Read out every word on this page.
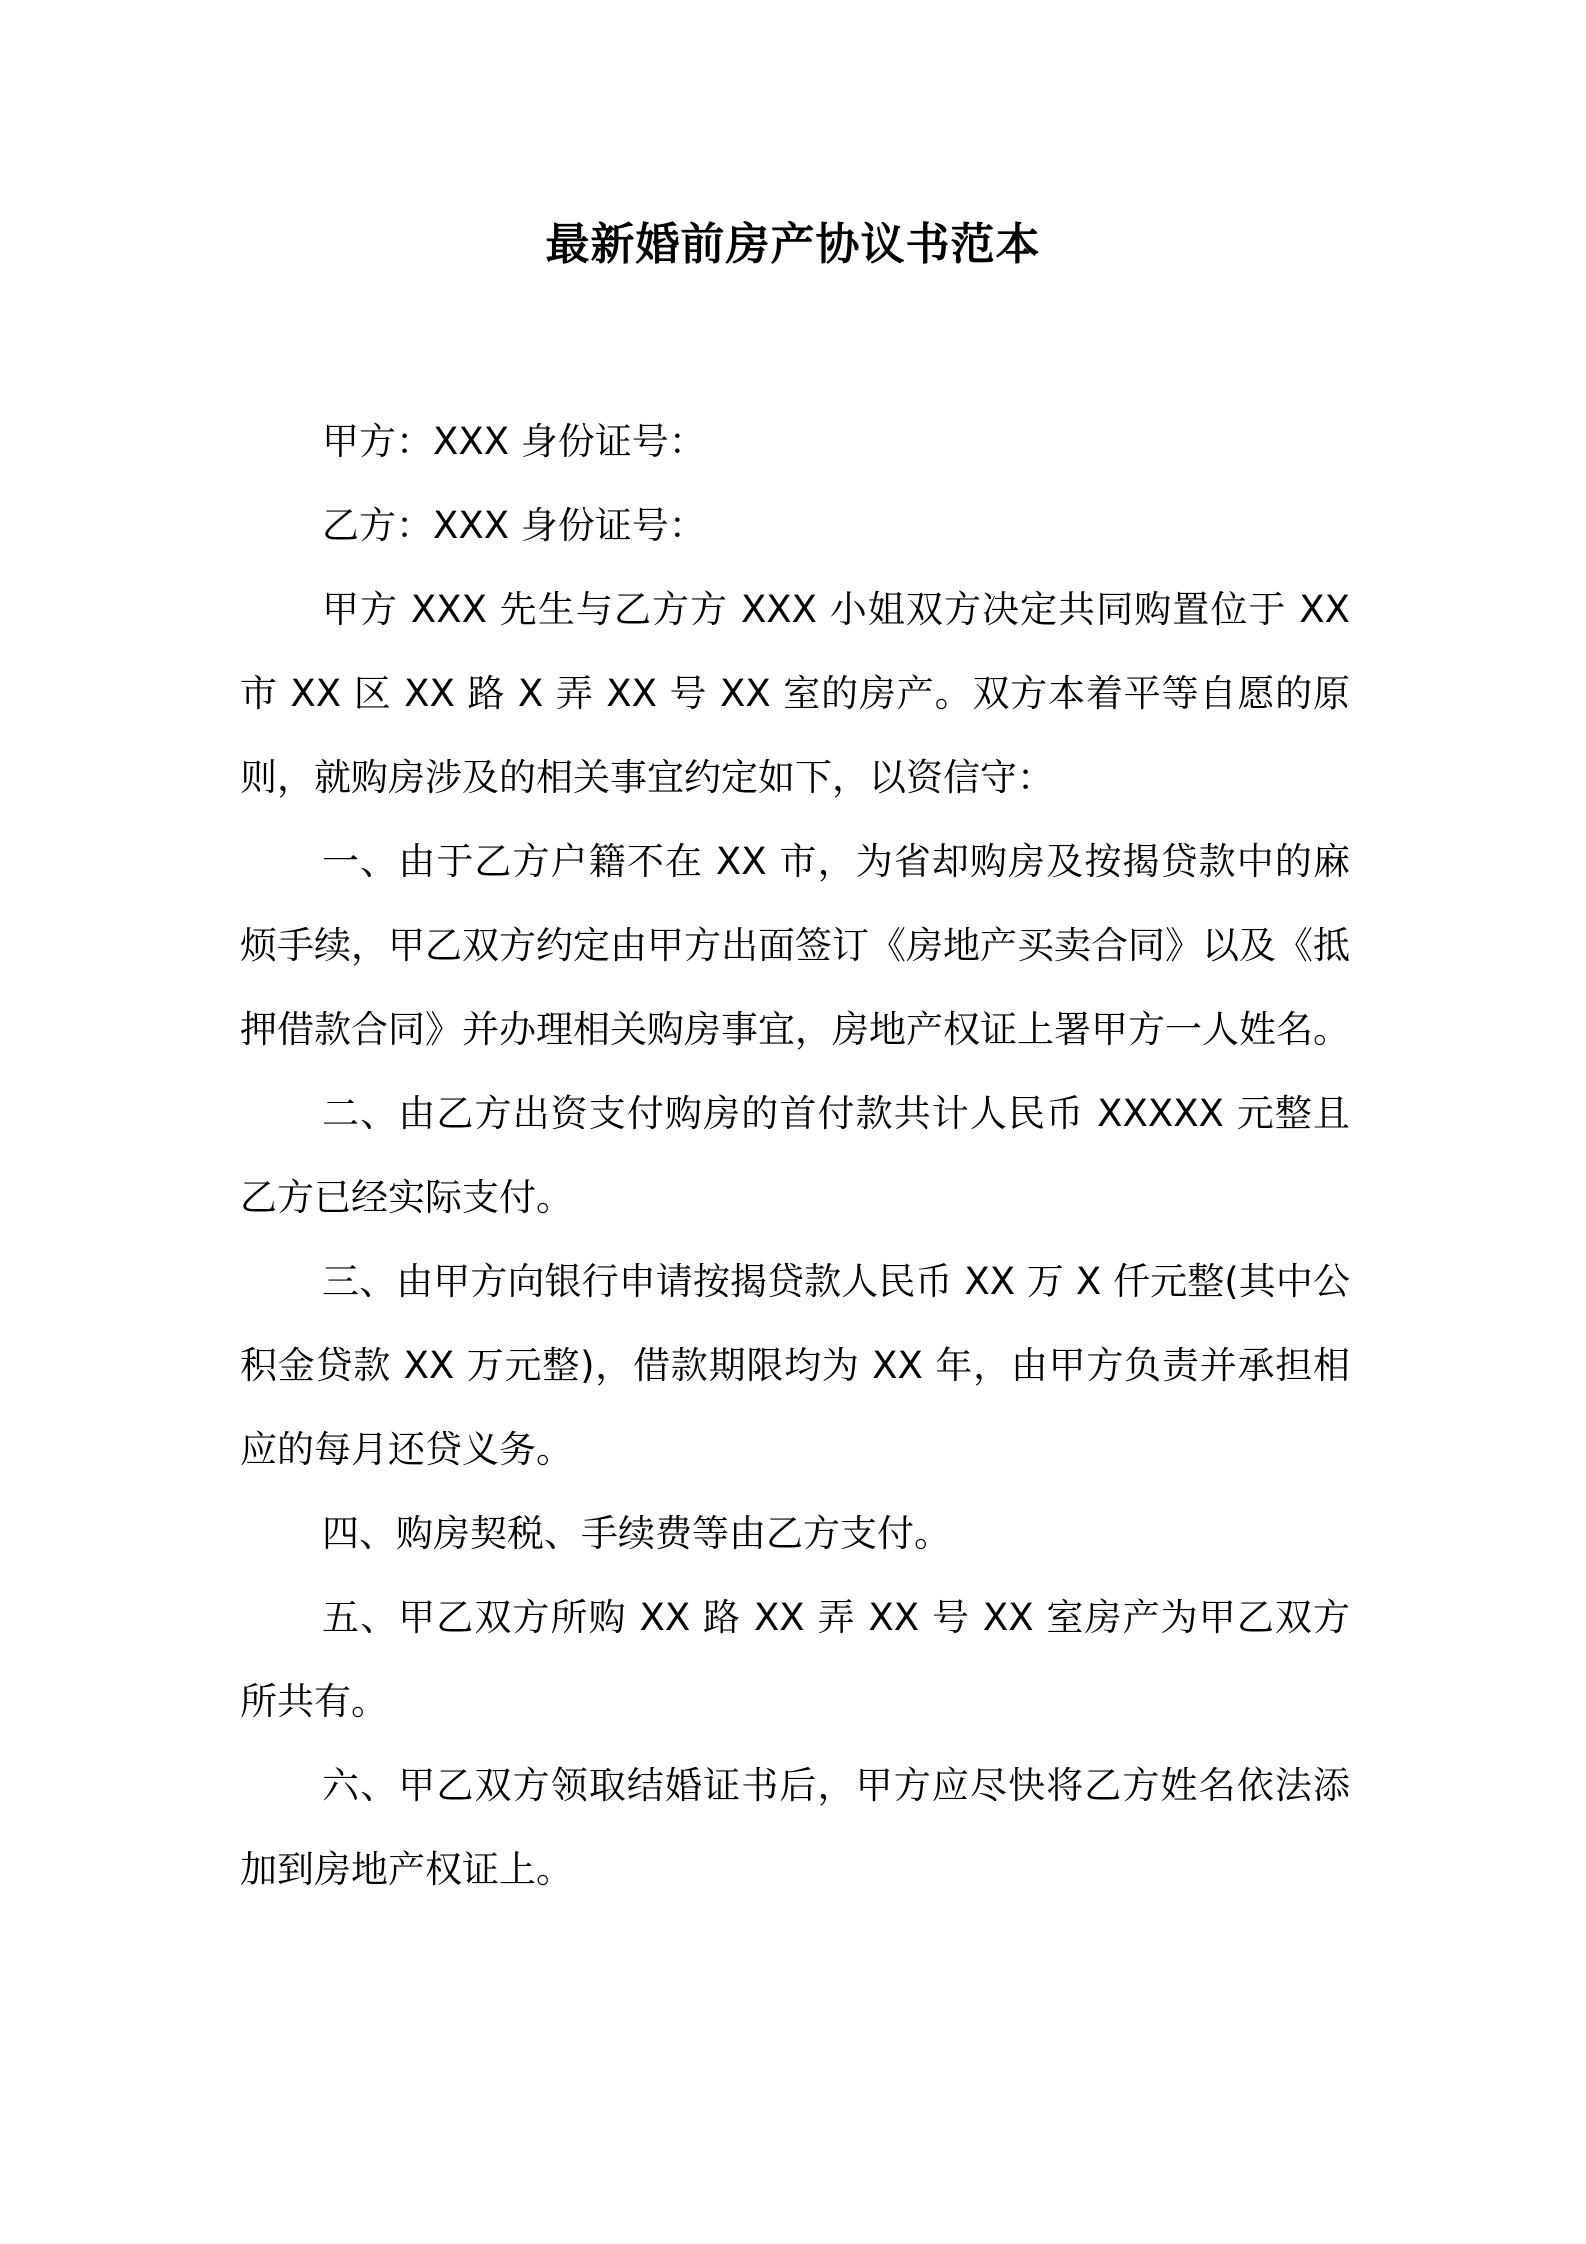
最新婚前房产协议书范本

甲方：XXX 身份证号：

乙方：XXX 身份证号：

甲方 XXX 先生与乙方方 XXX 小姐双方决定共同购置位于 XX 市 XX 区 XX 路 X 弄 XX 号 XX 室的房产。双方本着平等自愿的原则，就购房涉及的相关事宜约定如下，以资信守：

一、由于乙方户籍不在 XX 市，为省却购房及按揭贷款中的麻烦手续，甲乙双方约定由甲方出面签订《房地产买卖合同》以及《抵押借款合同》并办理相关购房事宜，房地产权证上署甲方一人姓名。

二、由乙方出资支付购房的首付款共计人民币 XXXXX 元整且乙方已经实际支付。

三、由甲方向银行申请按揭贷款人民币 XX 万 X 仟元整(其中公积金贷款 XX 万元整)，借款期限均为 XX 年，由甲方负责并承担相应的每月还贷义务。

四、购房契税、手续费等由乙方支付。

五、甲乙双方所购 XX 路 XX 弄 XX 号 XX 室房产为甲乙双方所共有。

六、甲乙双方领取结婚证书后，甲方应尽快将乙方姓名依法添加到房地产权证上。
